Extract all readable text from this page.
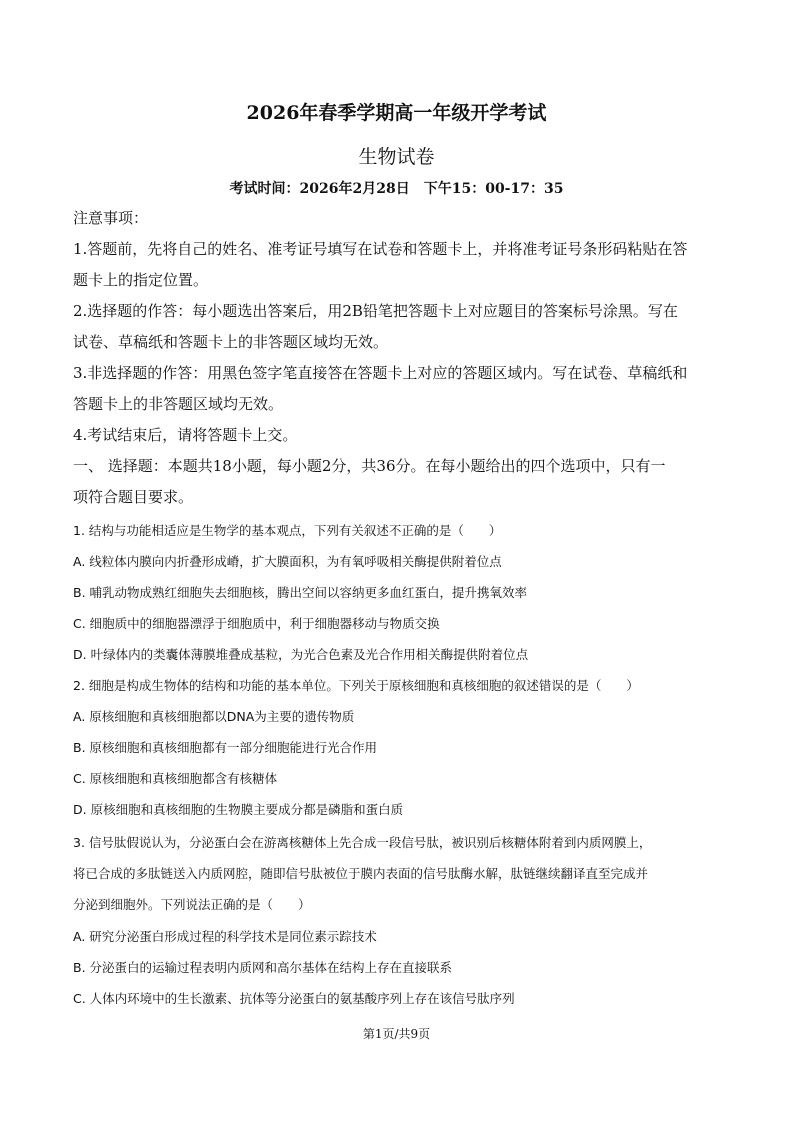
2026年春季学期高一年级开学考试
生物试卷
考试时间：2026年2月28日　下午15：00-17：35
注意事项：
1.答题前，先将自己的姓名、准考证号填写在试卷和答题卡上，并将准考证号条形码粘贴在答
题卡上的指定位置。
2.选择题的作答：每小题选出答案后，用2B铅笔把答题卡上对应题目的答案标号涂黑。写在
试卷、草稿纸和答题卡上的非答题区域均无效。
3.非选择题的作答：用黑色签字笔直接答在答题卡上对应的答题区域内。写在试卷、草稿纸和
答题卡上的非答题区域均无效。
4.考试结束后，请将答题卡上交。
一、 选择题：本题共18小题，每小题2分，共36分。在每小题给出的四个选项中，只有一
项符合题目要求。
1. 结构与功能相适应是生物学的基本观点，下列有关叙述不正确的是（　　）
A. 线粒体内膜向内折叠形成嵴，扩大膜面积，为有氧呼吸相关酶提供附着位点
B. 哺乳动物成熟红细胞失去细胞核，腾出空间以容纳更多血红蛋白，提升携氧效率
C. 细胞质中的细胞器漂浮于细胞质中，利于细胞器移动与物质交换
D. 叶绿体内的类囊体薄膜堆叠成基粒，为光合色素及光合作用相关酶提供附着位点
2. 细胞是构成生物体的结构和功能的基本单位。下列关于原核细胞和真核细胞的叙述错误的是（　　）
A. 原核细胞和真核细胞都以DNA为主要的遗传物质
B. 原核细胞和真核细胞都有一部分细胞能进行光合作用
C. 原核细胞和真核细胞都含有核糖体
D. 原核细胞和真核细胞的生物膜主要成分都是磷脂和蛋白质
3. 信号肽假说认为，分泌蛋白会在游离核糖体上先合成一段信号肽，被识别后核糖体附着到内质网膜上，
将已合成的多肽链送入内质网腔，随即信号肽被位于膜内表面的信号肽酶水解，肽链继续翻译直至完成并
分泌到细胞外。下列说法正确的是（　　）
A. 研究分泌蛋白形成过程的科学技术是同位素示踪技术
B. 分泌蛋白的运输过程表明内质网和高尔基体在结构上存在直接联系
C. 人体内环境中的生长激素、抗体等分泌蛋白的氨基酸序列上存在该信号肽序列
第1页/共9页
